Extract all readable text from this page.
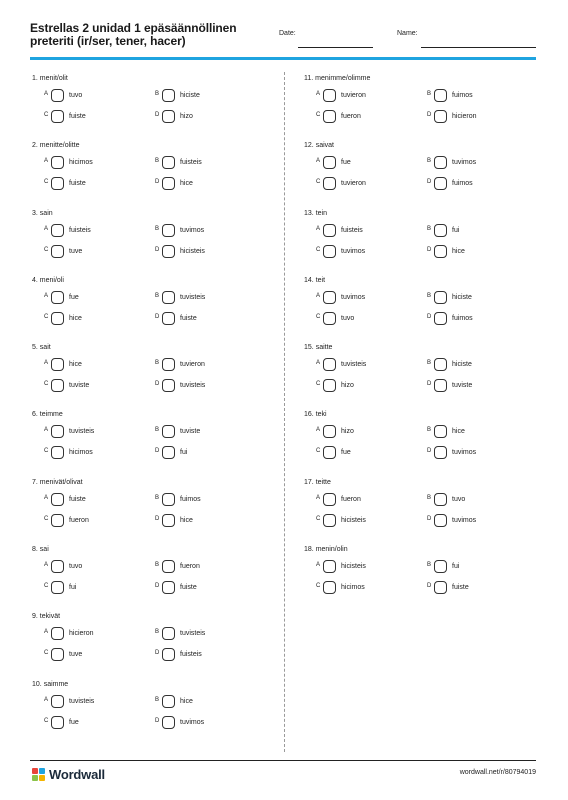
Estrellas 2 unidad 1 epäsäännöllinen
preteriti (ir/ser, tener, hacer)
Date:	Name:
1. menit/olit
A	tuvo	B	hiciste
C	fuiste	D	hizo
2. menitte/olitte
A	hicimos	B	fuisteis
C	fuiste	D	hice
3. sain
A	fuisteis	B	tuvimos
C	tuve	D	hicisteis
4. meni/oli
A	fue	B	tuvisteis
C	hice	D	fuiste
5. sait
A	hice	B	tuvieron
C	tuviste	D	tuvisteis
6. teimme
A	tuvisteis	B	tuviste
C	hicimos	D	fui
7. menivät/olivat
A	fuiste	B	fuimos
C	fueron	D	hice
8. sai
A	tuvo	B	fueron
C	fui	D	fuiste
9. tekivät
A	hicieron	B	tuvisteis
C	tuve	D	fuisteis
10. saimme
A	tuvisteis	B	hice
C	fue	D	tuvimos
11. menimme/olimme
A	tuvieron	B	fuimos
C	fueron	D	hicieron
12. saivat
A	fue	B	tuvimos
C	tuvieron	D	fuimos
13. tein
A	fuisteis	B	fui
C	tuvimos	D	hice
14. teit
A	tuvimos	B	hiciste
C	tuvo	D	fuimos
15. saitte
A	tuvisteis	B	hiciste
C	hizo	D	tuviste
16. teki
A	hizo	B	hice
C	fue	D	tuvimos
17. teitte
A	fueron	B	tuvo
C	hicisteis	D	tuvimos
18. menin/olin
A	hicisteis	B	fui
C	hicimos	D	fuiste
Wordwall	wordwall.net/r/80794019
